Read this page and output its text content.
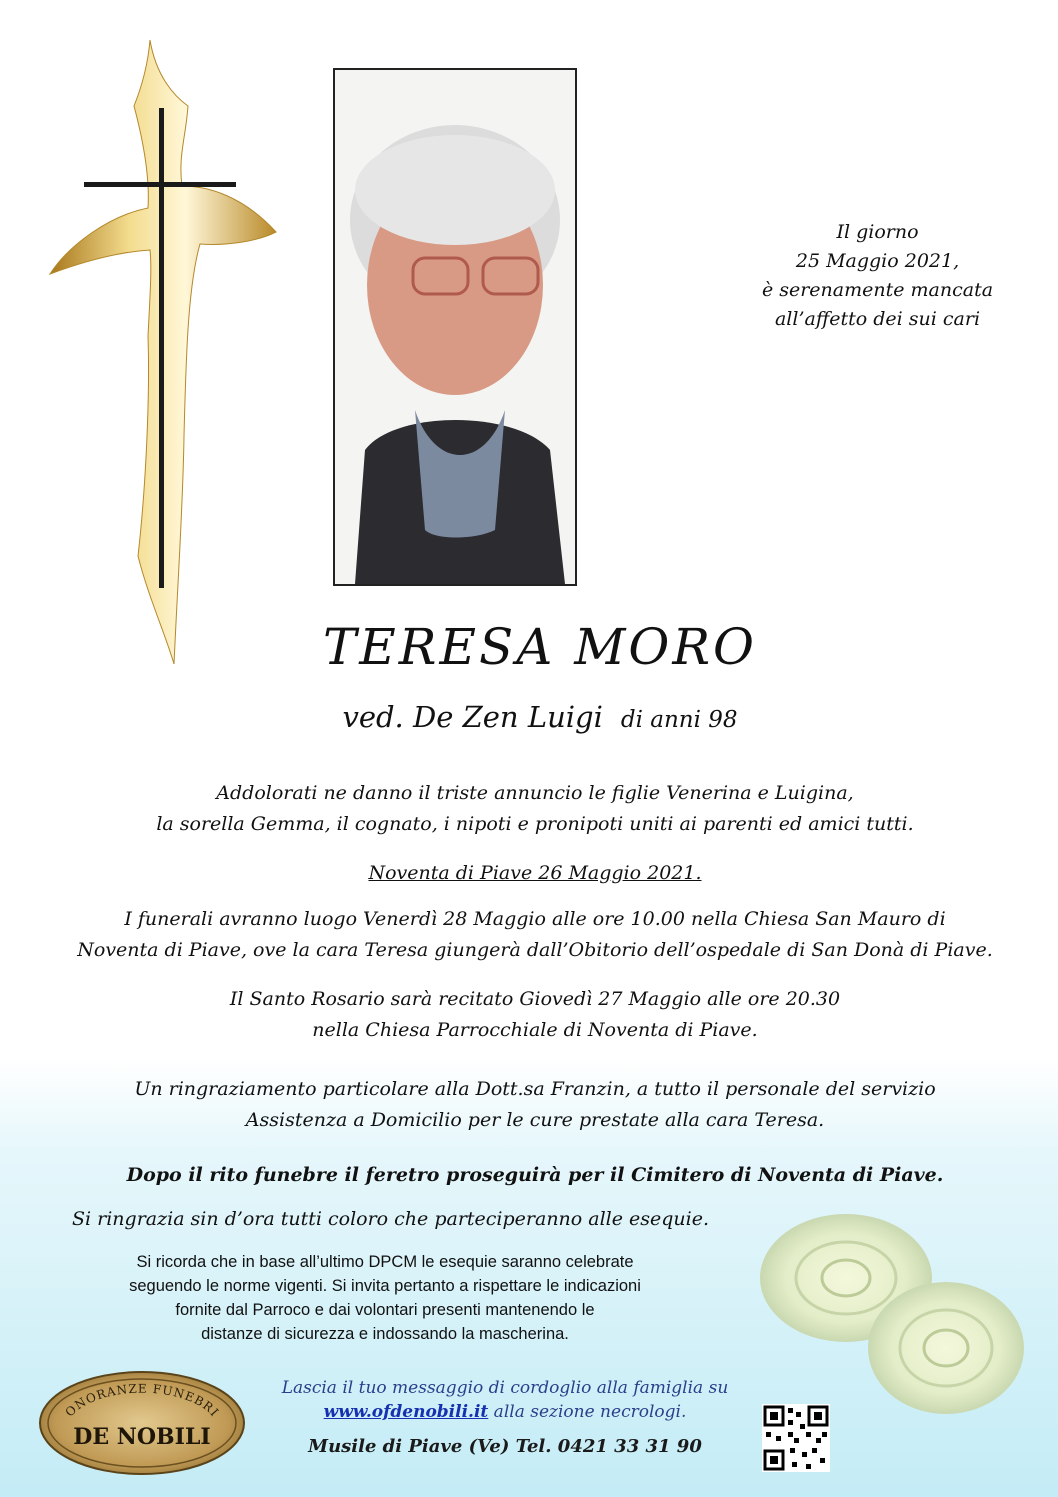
Il giorno
25 Maggio 2021,
è serenamente mancata
all’affetto dei sui cari
TERESA MORO
ved. De Zen Luigi di anni 98
Addolorati ne danno il triste annuncio le figlie Venerina e Luigina,
la sorella Gemma, il cognato, i nipoti e pronipoti uniti ai parenti ed amici tutti.
Noventa di Piave 26 Maggio 2021.
I funerali avranno luogo Venerdì 28 Maggio alle ore 10.00 nella Chiesa San Mauro di
Noventa di Piave, ove la cara Teresa giungerà dall’Obitorio dell’ospedale di San Donà di Piave.
Il Santo Rosario sarà recitato Giovedì 27 Maggio alle ore 20.30
nella Chiesa Parrocchiale di Noventa di Piave.
Un ringraziamento particolare alla Dott.sa Franzin, a tutto il personale del servizio
Assistenza a Domicilio per le cure prestate alla cara Teresa.
Dopo il rito funebre il feretro proseguirà per il Cimitero di Noventa di Piave.
Si ringrazia sin d’ora tutti coloro che parteciperanno alle esequie.
Si ricorda che in base all’ultimo DPCM le esequie saranno celebrate
seguendo le norme vigenti. Si invita pertanto a rispettare le indicazioni
fornite dal Parroco e dai volontari presenti mantenendo le
distanze di sicurezza e indossando la mascherina.
ONORANZE FUNEBRI
DE NOBILI
Lascia il tuo messaggio di cordoglio alla famiglia su
www.ofdenobili.it alla sezione necrologi.
Musile di Piave (Ve) Tel. 0421 33 31 90
